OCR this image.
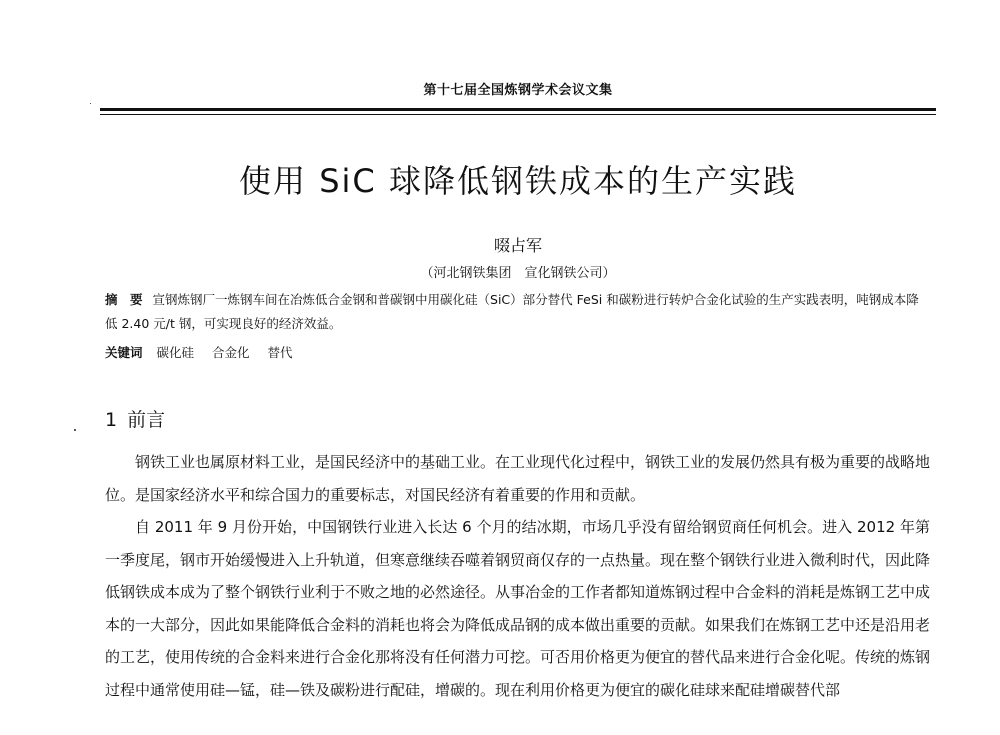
第十七届全国炼钢学术会议文集
使用 SiC 球降低钢铁成本的生产实践
啜占军
（河北钢铁集团　宣化钢铁公司）
摘　要 宣钢炼钢厂一炼钢车间在冶炼低合金钢和普碳钢中用碳化硅（SiC）部分替代 FeSi 和碳粉进行转炉合金化试验的生产实践表明，吨钢成本降低 2.40 元/t 钢，可实现良好的经济效益。
关键词 碳化硅 合金化 替代
1 前言

钢铁工业也属原材料工业，是国民经济中的基础工业。在工业现代化过程中，钢铁工业的发展仍然具有极为重要的战略地位。是国家经济水平和综合国力的重要标志，对国民经济有着重要的作用和贡献。

自 2011 年 9 月份开始，中国钢铁行业进入长达 6 个月的结冰期，市场几乎没有留给钢贸商任何机会。进入 2012 年第一季度尾，钢市开始缓慢进入上升轨道，但寒意继续吞噬着钢贸商仅存的一点热量。现在整个钢铁行业进入微利时代，因此降低钢铁成本成为了整个钢铁行业利于不败之地的必然途径。从事冶金的工作者都知道炼钢过程中合金料的消耗是炼钢工艺中成本的一大部分，因此如果能降低合金料的消耗也将会为降低成品钢的成本做出重要的贡献。如果我们在炼钢工艺中还是沿用老的工艺，使用传统的合金料来进行合金化那将没有任何潜力可挖。可否用价格更为便宜的替代品来进行合金化呢。传统的炼钢过程中通常使用硅—锰，硅—铁及碳粉进行配硅，增碳的。现在利用价格更为便宜的碳化硅球来配硅增碳替代部
